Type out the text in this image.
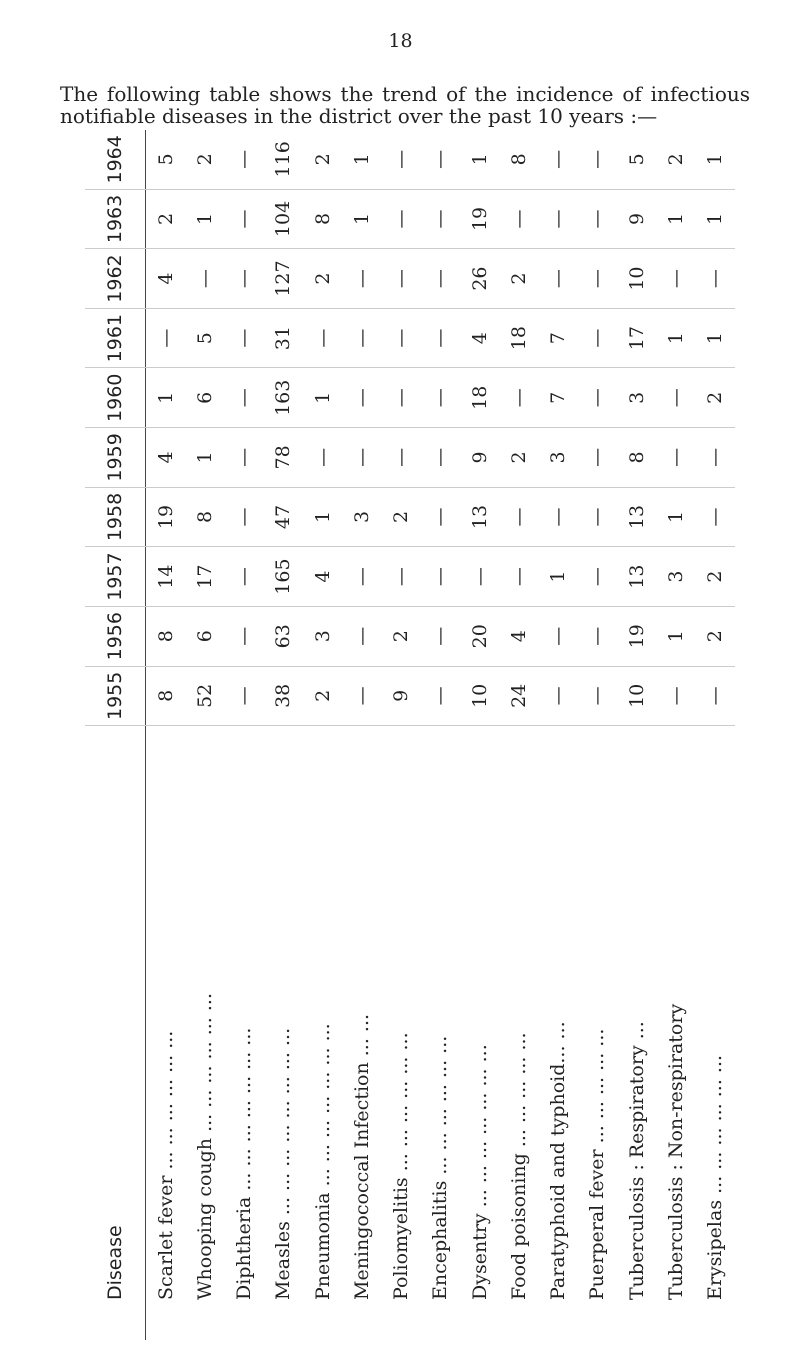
18
The following table shows the trend of the incidence of infectious notifiable diseases in the district over the past 10 years :—
Disease	1955	1956	1957	1958	1959	1960	1961	1962	1963	1964
Scarlet fever ... ... ... ... ... ...	8	8	14	19	4	1	—	4	2	5
Whooping cough ... ... ... ... ... ...	52	6	17	8	1	6	5	—	1	2
Diphtheria ... ... ... ... ... ... ...	—	—	—	—	—	—	—	—	—	—
Measles ... ... ... ... ... ... ... ...	38	63	165	47	78	163	31	127	104	116
Pneumonia ... ... ... ... ... ... ...	2	3	4	1	—	1	—	2	8	2
Meningococcal Infection ... ...	—	—	—	3	—	—	—	—	1	1
Poliomyelitis ... ... ... ... ... ...	9	2	—	2	—	—	—	—	—	—
Encephalitis ... ... ... ... ... ...	—	—	—	—	—	—	—	—	—	—
Dysentry ... ... ... ... ... ... ...	10	20	—	13	9	18	4	26	19	1
Food poisoning ... ... ... ... ...	24	4	—	—	2	—	18	2	—	8
Paratyphoid and typhoid... ...	—	—	1	—	3	7	7	—	—	—
Puerperal fever ... ... ... ... ...	—	—	—	—	—	—	—	—	—	—
Tuberculosis : Respiratory ...	10	19	13	13	8	3	17	10	9	5
Tuberculosis : Non-respiratory	—	1	3	1	—	—	1	—	1	2
Erysipelas ... ... ... ... ... ...	—	2	2	—	—	2	1	—	1	1
